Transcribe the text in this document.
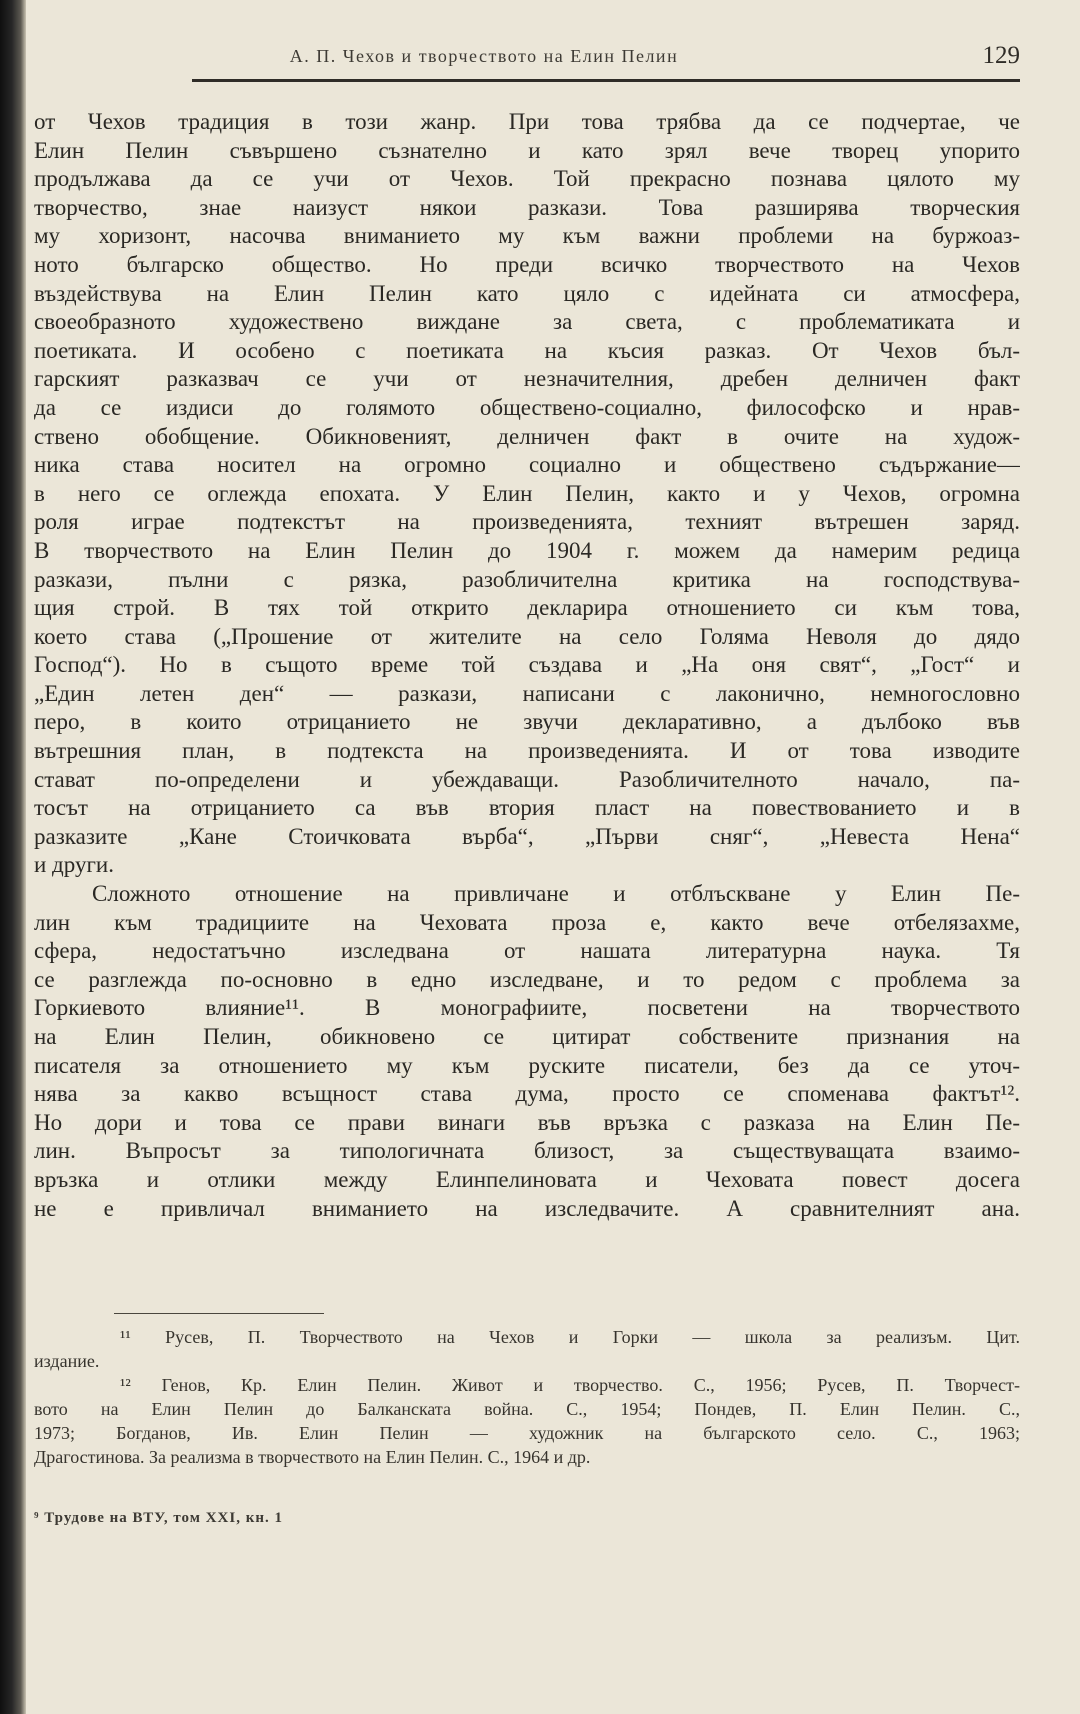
А. П. Чехов и творчеството на Елин Пелин	129
от Чехов традиция в този жанр. При това трябва да се подчертае, че
Елин Пелин съвършено съзнателно и като зрял вече творец упорито
продължава да се учи от Чехов. Той прекрасно познава цялото му
творчество, знае наизуст някои разкази. Това разширява творческия
му хоризонт, насочва вниманието му към важни проблеми на буржоаз-
ното българско общество. Но преди всичко творчеството на Чехов
въздействува на Елин Пелин като цяло с идейната си атмосфера,
своеобразното художествено виждане за света, с проблематиката и
поетиката. И особено с поетиката на късия разказ. От Чехов бъл-
гарският разказвач се учи от незначителния, дребен делничен факт
да се издиси до голямото обществено-социално, философско и нрав-
ствено обобщение. Обикновеният, делничен факт в очите на худож-
ника става носител на огромно социално и обществено съдържание—
в него се оглежда епохата. У Елин Пелин, както и у Чехов, огромна
роля играе подтекстът на произведенията, техният вътрешен заряд.
В творчеството на Елин Пелин до 1904 г. можем да намерим редица
разкази, пълни с рязка, разобличителна критика на господствува-
щия строй. В тях той открито декларира отношението си към това,
което става („Прошение от жителите на село Голяма Неволя до дядо
Господ“). Но в същото време той създава и „На оня свят“, „Гост“ и
„Един летен ден“ — разкази, написани с лаконично, немногословно
перо, в които отрицанието не звучи декларативно, а дълбоко във
вътрешния план, в подтекста на произведенията. И от това изводите
стават по-определени и убеждаващи. Разобличителното начало, па-
тосът на отрицанието са във втория пласт на повествованието и в
разказите „Кане Стоичковата върба“, „Първи сняг“, „Невеста Нена“
и други.
Сложното отношение на привличане и отблъскване у Елин Пе-
лин към традициите на Чеховата проза е, както вече отбелязахме,
сфера, недостатъчно изследвана от нашата литературна наука. Тя
се разглежда по-основно в едно изследване, и то редом с проблема за
Горкиевото влияние¹¹. В монографиите, посветени на творчеството
на Елин Пелин, обикновено се цитират собствените признания на
писателя за отношението му към руските писатели, без да се уточ-
нява за какво всъщност става дума, просто се споменава фактът¹².
Но дори и това се прави винаги във връзка с разказа на Елин Пе-
лин. Въпросът за типологичната близост, за съществуващата взаимо-
връзка и отлики между Елинпелиновата и Чеховата повест досега
не е привличал вниманието на изследвачите. А сравнителният ана.
¹¹ Русев, П. Творчеството на Чехов и Горки — школа за реализъм. Цит.
издание.
¹² Генов, Кр. Елин Пелин. Живот и творчество. С., 1956; Русев, П. Творчест-
вото на Елин Пелин до Балканската война. С., 1954; Пондев, П. Елин Пелин. С.,
1973; Богданов, Ив. Елин Пелин — художник на българското село. С., 1963;
Драгостинова. За реализма в творчеството на Елин Пелин. С., 1964 и др.
⁹ Трудове на ВТУ, том XXI, кн. 1
